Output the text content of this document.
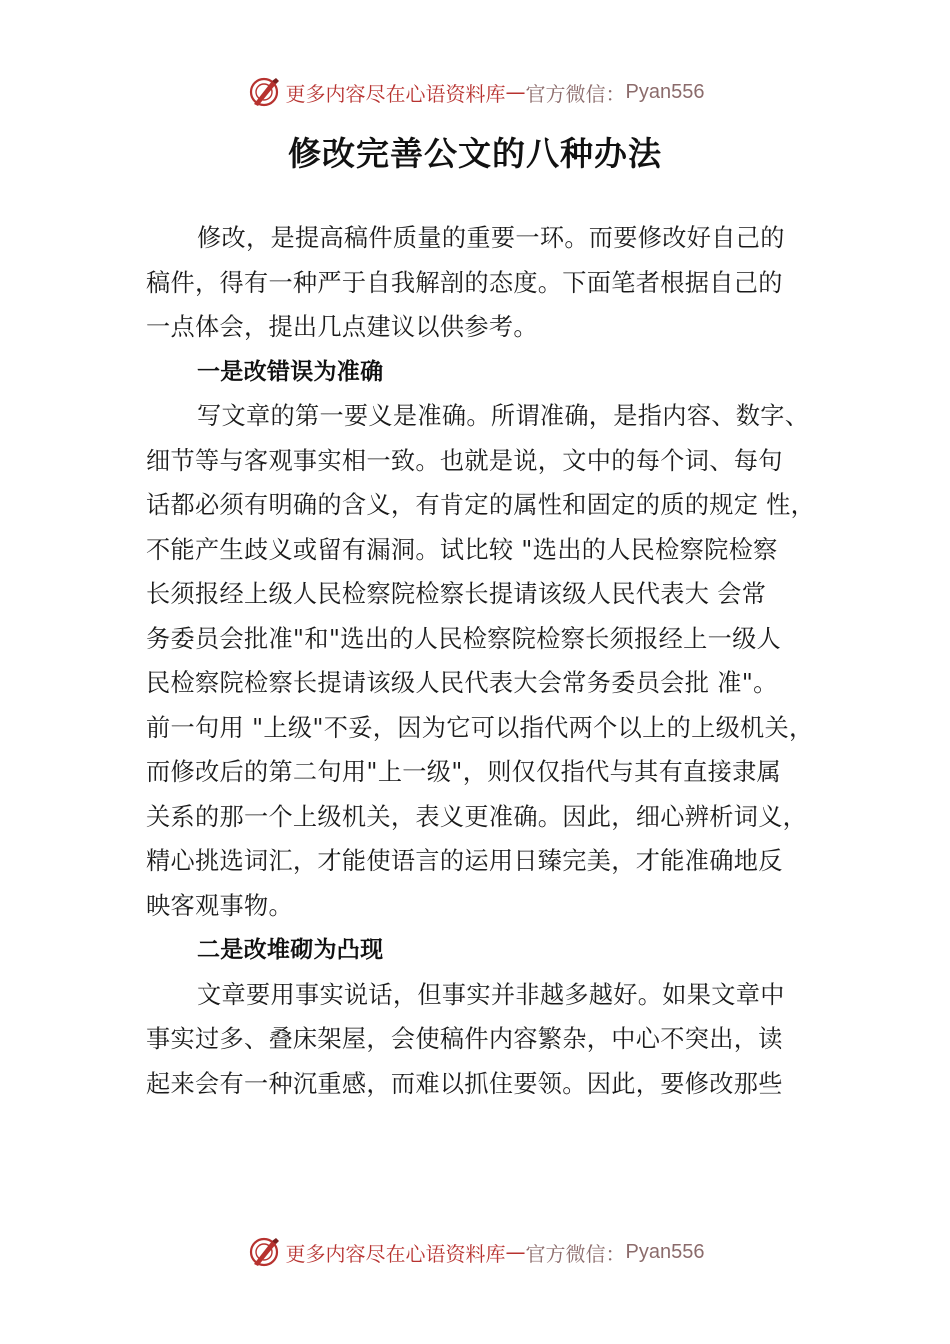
更多内容尽在心语资料库 — 官方微信： Pyan556
修改完善公文的八种办法

修改，是提高稿件质量的重要一环。而要修改好自己的
稿件，得有一种严于自我解剖的态度。下面笔者根据自己的
一点体会，提出几点建议以供参考。

一是改错误为准确

写文章的第一要义是准确。所谓准确，是指内容、数字、
细节等与客观事实相一致。也就是说，文中的每个词、每句
话都必须有明确的含义，有肯定的属性和固定的质的规定 性，
不能产生歧义或留有漏洞。试比较 "选出的人民检察院检察
长须报经上级人民检察院检察长提请该级人民代表大 会常
务委员会批准"和"选出的人民检察院检察长须报经上一级人
民检察院检察长提请该级人民代表大会常务委员会批 准"。
前一句用 "上级"不妥，因为它可以指代两个以上的上级机关，
而修改后的第二句用"上一级"，则仅仅指代与其有直接隶属
关系的那一个上级机关，表义更准确。因此，细心辨析词义，
精心挑选词汇，才能使语言的运用日臻完美，才能准确地反
映客观事物。

二是改堆砌为凸现

文章要用事实说话，但事实并非越多越好。如果文章中
事实过多、叠床架屋，会使稿件内容繁杂，中心不突出，读
起来会有一种沉重感，而难以抓住要领。因此，要修改那些

更多内容尽在心语资料库 — 官方微信： Pyan556
